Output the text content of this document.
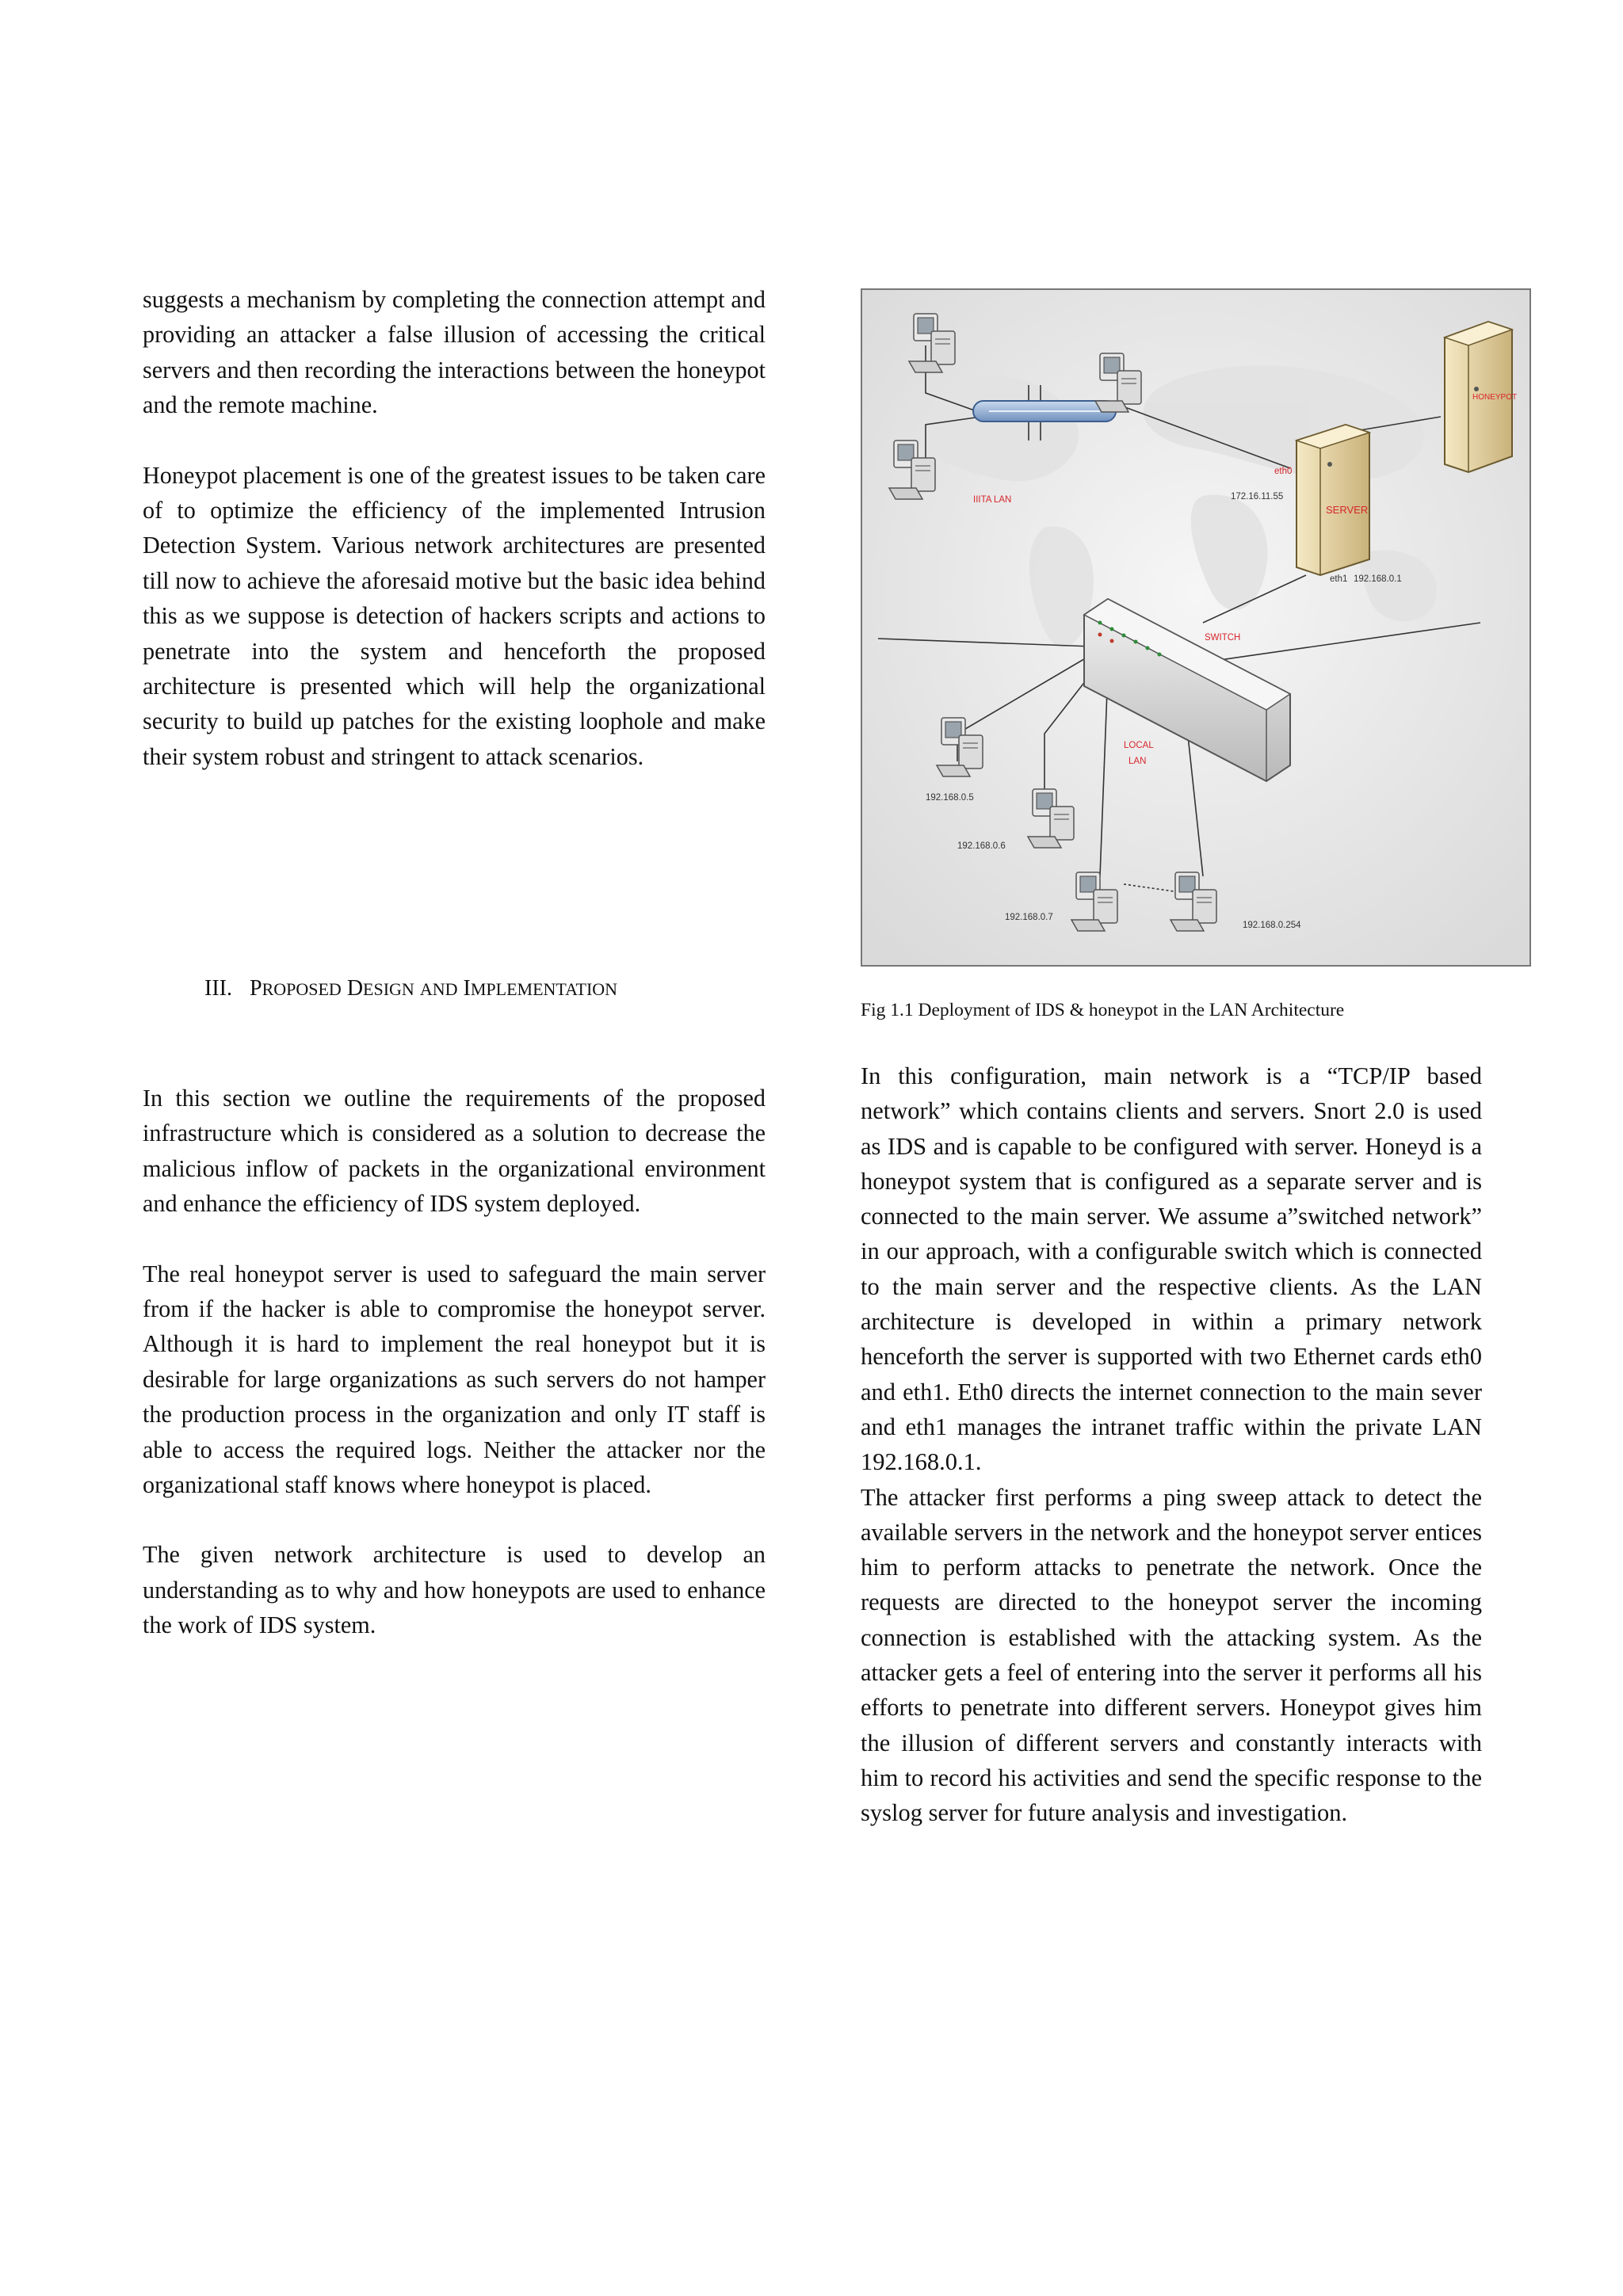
suggests a mechanism by completing the connection attempt and providing an attacker a false illusion of accessing the critical servers and then recording the interactions between the honeypot and the remote machine.

Honeypot placement is one of the greatest issues to be taken care of to optimize the efficiency of the implemented Intrusion Detection System. Various network architectures are presented till now to achieve the aforesaid motive but the basic idea behind this as we suppose is detection of hackers scripts and actions to penetrate into the system and henceforth the proposed architecture is presented which will help the organizational security to build up patches for the existing loophole and make their system robust and stringent to attack scenarios.

III. PROPOSED DESIGN AND IMPLEMENTATION

In this section we outline the requirements of the proposed infrastructure which is considered as a solution to decrease the malicious inflow of packets in the organizational environment and enhance the efficiency of IDS system deployed.

The real honeypot server is used to safeguard the main server from if the hacker is able to compromise the honeypot server. Although it is hard to implement the real honeypot but it is desirable for large organizations as such servers do not hamper the production process in the organization and only IT staff is able to access the required logs. Neither the attacker nor the organizational staff knows where honeypot is placed.

The given network architecture is used to develop an understanding as to why and how honeypots are used to enhance the work of IDS system.

IIITA LAN
eth0
172.16.11.55
SERVER
HONEYPOT
eth1 192.168.0.1
SWITCH
LOCAL
LAN
192.168.0.5
192.168.0.6
192.168.0.7
192.168.0.254
Fig 1.1 Deployment of IDS & honeypot in the LAN Architecture

In this configuration, main network is a “TCP/IP based network” which contains clients and servers. Snort 2.0 is used as IDS and is capable to be configured with server. Honeyd is a honeypot system that is configured as a separate server and is connected to the main server. We assume a”switched network” in our approach, with a configurable switch which is connected to the main server and the respective clients. As the LAN architecture is developed in within a primary network henceforth the server is supported with two Ethernet cards eth0 and eth1. Eth0 directs the internet connection to the main sever and eth1 manages the intranet traffic within the private LAN 192.168.0.1.

The attacker first performs a ping sweep attack to detect the available servers in the network and the honeypot server entices him to perform attacks to penetrate the network. Once the requests are directed to the honeypot server the incoming connection is established with the attacking system. As the attacker gets a feel of entering into the server it performs all his efforts to penetrate into different servers. Honeypot gives him the illusion of different servers and constantly interacts with him to record his activities and send the specific response to the syslog server for future analysis and investigation.
